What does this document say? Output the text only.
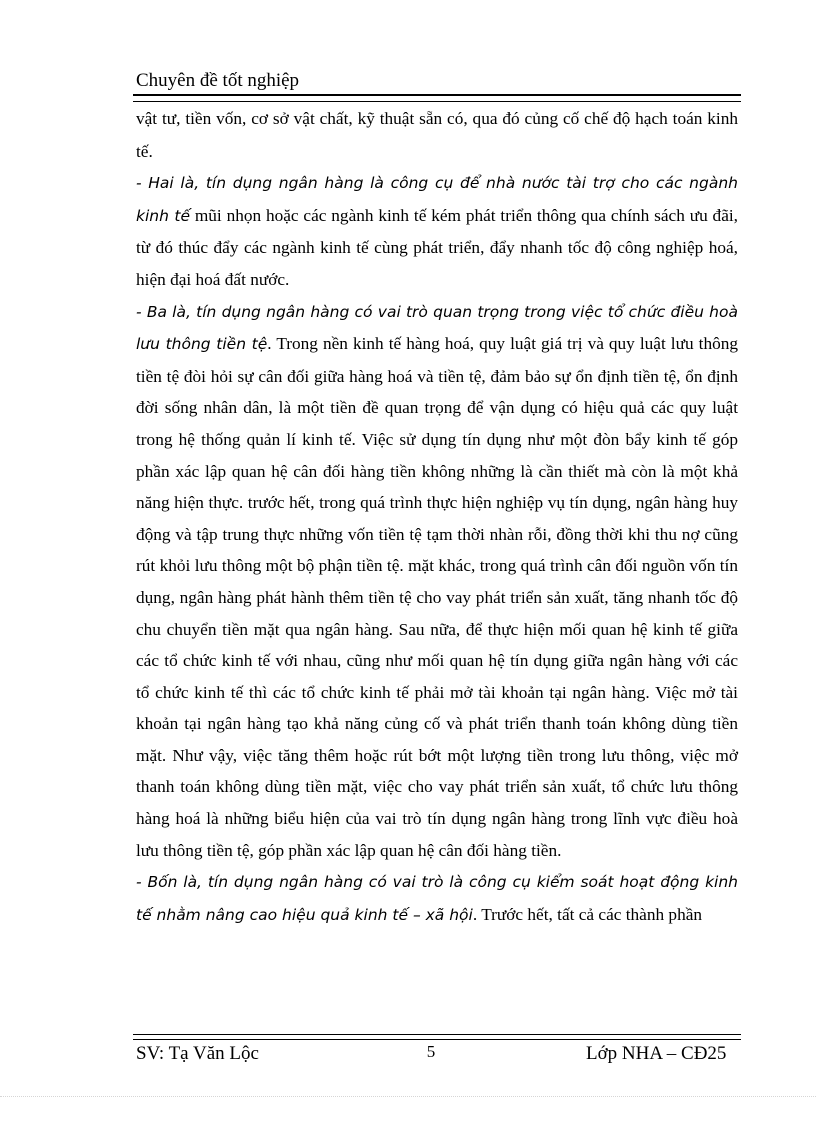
Chuyên đề tốt nghiệp

vật tư, tiền vốn, cơ sở vật chất, kỹ thuật sẵn có, qua đó củng cố chế độ hạch toán kinh tế.

- Hai là, tín dụng ngân hàng là công cụ để nhà nước tài trợ cho các ngành kinh tế mũi nhọn hoặc các ngành kinh tế kém phát triển thông qua chính sách ưu đãi, từ đó thúc đẩy các ngành kinh tế cùng phát triển, đẩy nhanh tốc độ công nghiệp hoá, hiện đại hoá đất nước.

- Ba là, tín dụng ngân hàng có vai trò quan trọng trong việc tổ chức điều hoà lưu thông tiền tệ. Trong nền kinh tế hàng hoá, quy luật giá trị và quy luật lưu thông tiền tệ đòi hỏi sự cân đối giữa hàng hoá và tiền tệ, đảm bảo sự ổn định tiền tệ, ổn định đời sống nhân dân, là một tiền đề quan trọng để vận dụng có hiệu quả các quy luật trong hệ thống quản lí kinh tế. Việc sử dụng tín dụng như một đòn bẩy kinh tế góp phần xác lập quan hệ cân đối hàng tiền không những là cần thiết mà còn là một khả năng hiện thực. trước hết, trong quá trình thực hiện nghiệp vụ tín dụng, ngân hàng huy động và tập trung thực những vốn tiền tệ tạm thời nhàn rỗi, đồng thời khi thu nợ cũng rút khỏi lưu thông một bộ phận tiền tệ. mặt khác, trong quá trình cân đối nguồn vốn tín dụng, ngân hàng phát hành thêm tiền tệ cho vay phát triển sản xuất, tăng nhanh tốc độ chu chuyển tiền mặt qua ngân hàng. Sau nữa, để thực hiện mối quan hệ kinh tế giữa các tổ chức kinh tế với nhau, cũng như mối quan hệ tín dụng giữa ngân hàng với các tổ chức kinh tế thì các tổ chức kinh tế phải mở tài khoản tại ngân hàng. Việc mở tài khoản tại ngân hàng tạo khả năng củng cố và phát triển thanh toán không dùng tiền mặt. Như vậy, việc tăng thêm hoặc rút bớt một lượng tiền trong lưu thông, việc mở thanh toán không dùng tiền mặt, việc cho vay phát triển sản xuất, tổ chức lưu thông hàng hoá là những biểu hiện của vai trò tín dụng ngân hàng trong lĩnh vực điều hoà lưu thông tiền tệ, góp phần xác lập quan hệ cân đối hàng tiền.

- Bốn là, tín dụng ngân hàng có vai trò là công cụ kiểm soát hoạt động kinh tế nhằm nâng cao hiệu quả kinh tế – xã hội. Trước hết, tất cả các thành phần

SV: Tạ Văn Lộc	5	Lớp NHA – CĐ25
